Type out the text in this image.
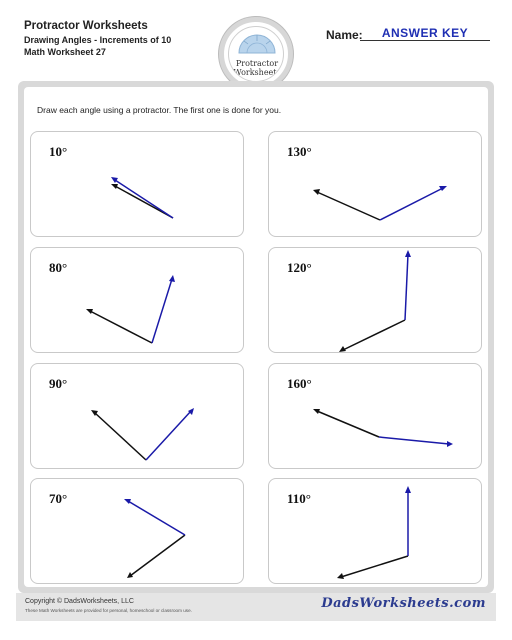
Protractor Worksheets
Drawing Angles - Increments of 10
Math Worksheet 27
Protractor
Worksheets
Name:	ANSWER KEY
Draw each angle using a protractor. The first one is done for you.
10°	130°
80°	120°
90°	160°
70°	110°
Copyright © DadsWorksheets, LLC
These Math Worksheets are provided for personal, homeschool or classroom use.	DadsWorksheets.com
